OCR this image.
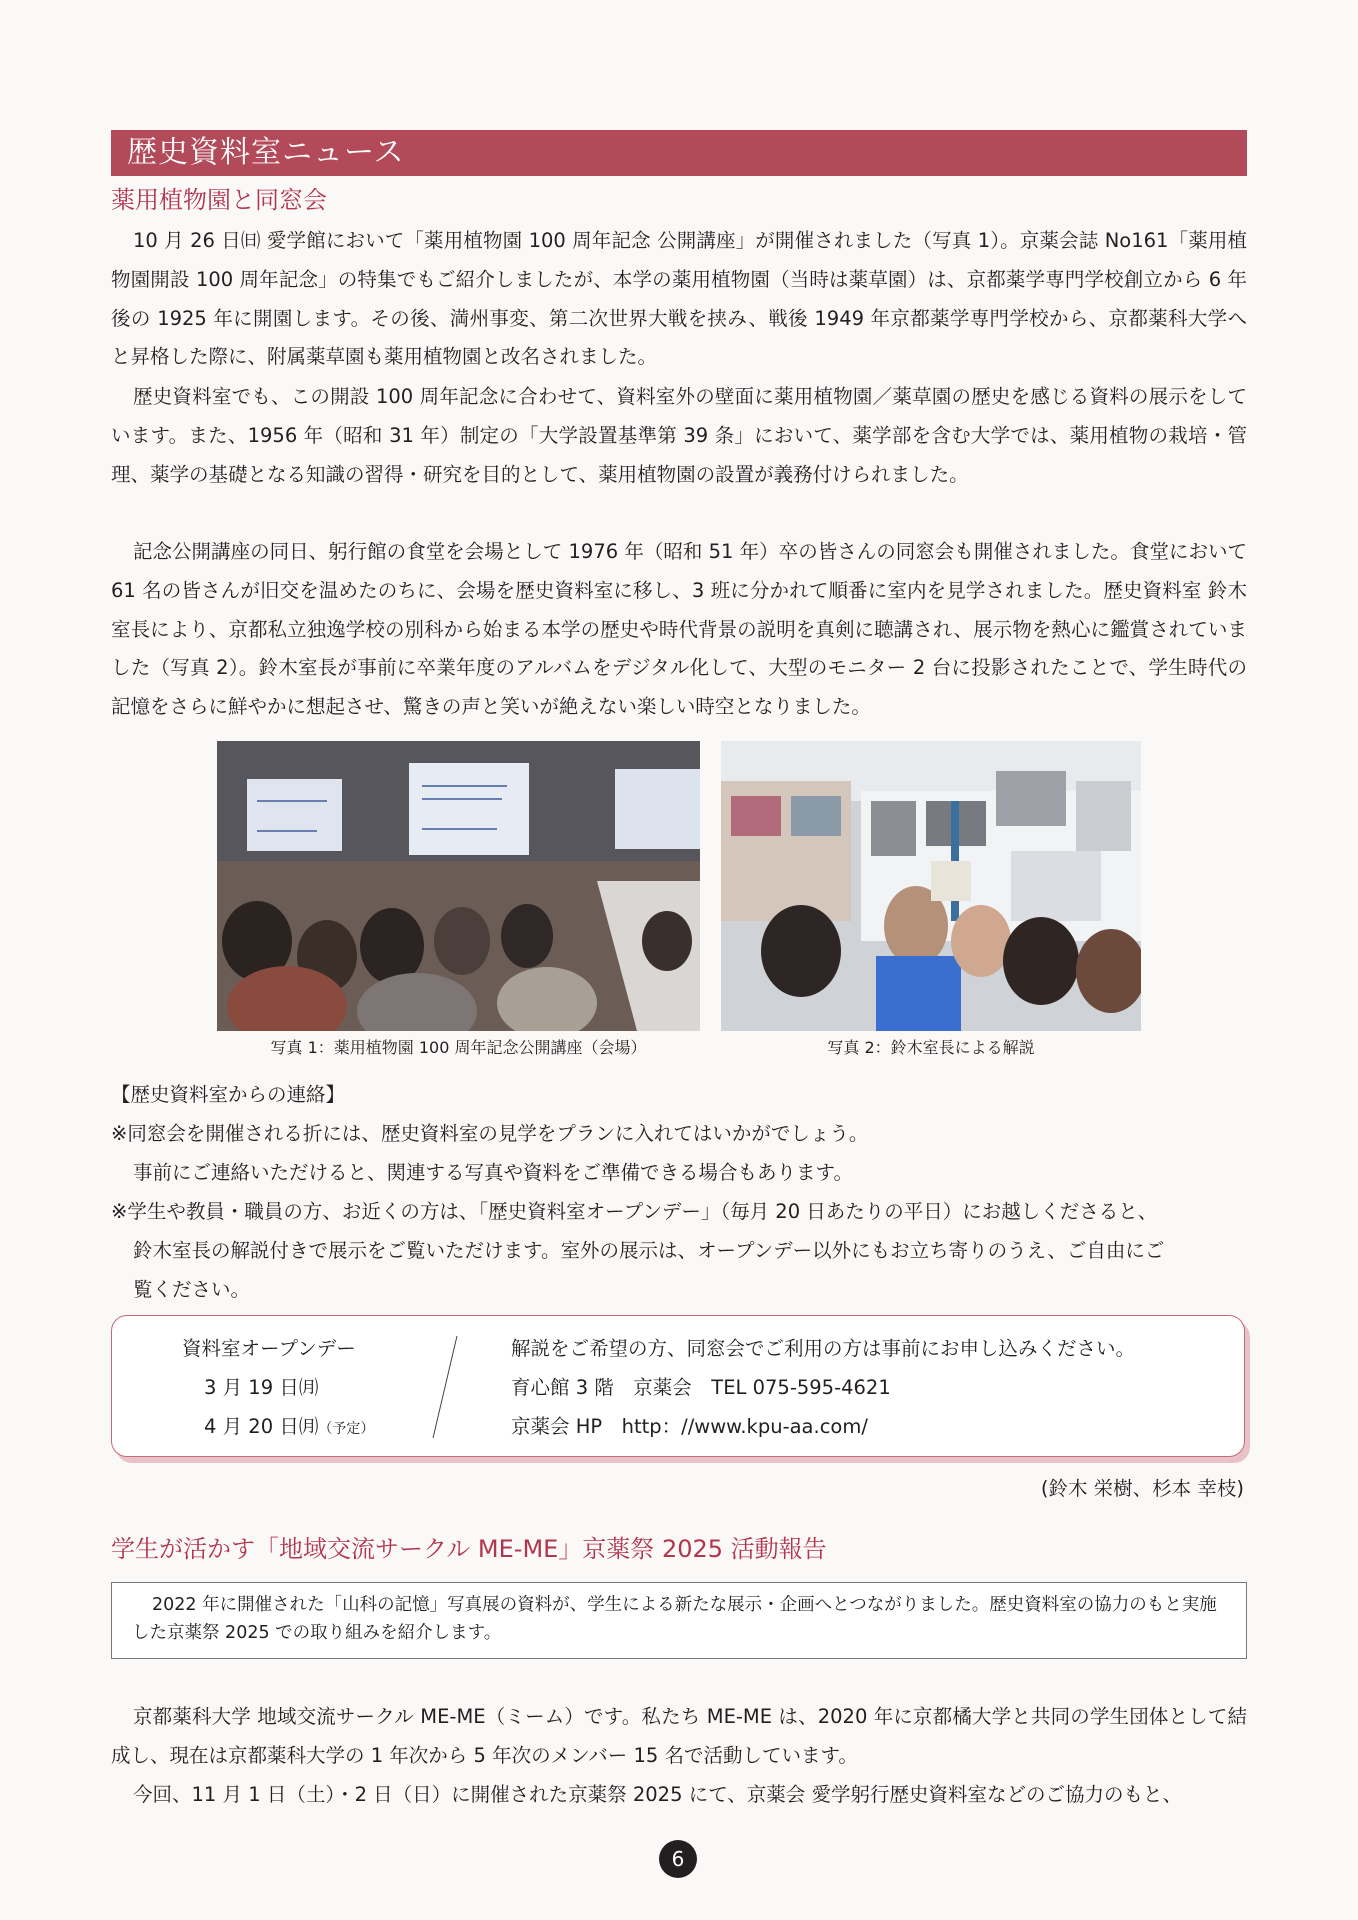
歴史資料室ニュース
薬用植物園と同窓会

10 月 26 日㈰ 愛学館において「薬用植物園 100 周年記念 公開講座」が開催されました（写真 1）。京薬会誌 No161「薬用植物園開設 100 周年記念」の特集でもご紹介しましたが、本学の薬用植物園（当時は薬草園）は、京都薬学専門学校創立から 6 年後の 1925 年に開園します。その後、満州事変、第二次世界大戦を挟み、戦後 1949 年京都薬学専門学校から、京都薬科大学へと昇格した際に、附属薬草園も薬用植物園と改名されました。

歴史資料室でも、この開設 100 周年記念に合わせて、資料室外の壁面に薬用植物園／薬草園の歴史を感じる資料の展示をしています。また、1956 年（昭和 31 年）制定の「大学設置基準第 39 条」において、薬学部を含む大学では、薬用植物の栽培・管理、薬学の基礎となる知識の習得・研究を目的として、薬用植物園の設置が義務付けられました。

記念公開講座の同日、躬行館の食堂を会場として 1976 年（昭和 51 年）卒の皆さんの同窓会も開催されました。食堂において 61 名の皆さんが旧交を温めたのちに、会場を歴史資料室に移し、3 班に分かれて順番に室内を見学されました。歴史資料室 鈴木室長により、京都私立独逸学校の別科から始まる本学の歴史や時代背景の説明を真剣に聴講され、展示物を熱心に鑑賞されていました（写真 2）。鈴木室長が事前に卒業年度のアルバムをデジタル化して、大型のモニター 2 台に投影されたことで、学生時代の記憶をさらに鮮やかに想起させ、驚きの声と笑いが絶えない楽しい時空となりました。

写真 1：薬用植物園 100 周年記念公開講座（会場）	写真 2：鈴木室長による解説

【歴史資料室からの連絡】

※同窓会を開催される折には、歴史資料室の見学をプランに入れてはいかがでしょう。

事前にご連絡いただけると、関連する写真や資料をご準備できる場合もあります。

※学生や教員・職員の方、お近くの方は、「歴史資料室オープンデー」（毎月 20 日あたりの平日）にお越しくださると、

鈴木室長の解説付きで展示をご覧いただけます。室外の展示は、オープンデー以外にもお立ち寄りのうえ、ご自由にご

覧ください。

資料室オープンデー
3 月 19 日㈪
4 月 20 日㈪（予定）
解説をご希望の方、同窓会でご利用の方は事前にお申し込みください。
育心館 3 階　京薬会　TEL 075-595-4621
京薬会 HP　http：//www.kpu-aa.com/
(鈴木 栄樹、杉本 幸枝)
学生が活かす「地域交流サークル ME-ME」京薬祭 2025 活動報告
2022 年に開催された「山科の記憶」写真展の資料が、学生による新たな展示・企画へとつながりました。歴史資料室の協力のもと実施した京薬祭 2025 での取り組みを紹介します。

京都薬科大学 地域交流サークル ME-ME（ミーム）です。私たち ME-ME は、2020 年に京都橘大学と共同の学生団体として結成し、現在は京都薬科大学の 1 年次から 5 年次のメンバー 15 名で活動しています。

今回、11 月 1 日（土）・2 日（日）に開催された京薬祭 2025 にて、京薬会 愛学躬行歴史資料室などのご協力のもと、

6
